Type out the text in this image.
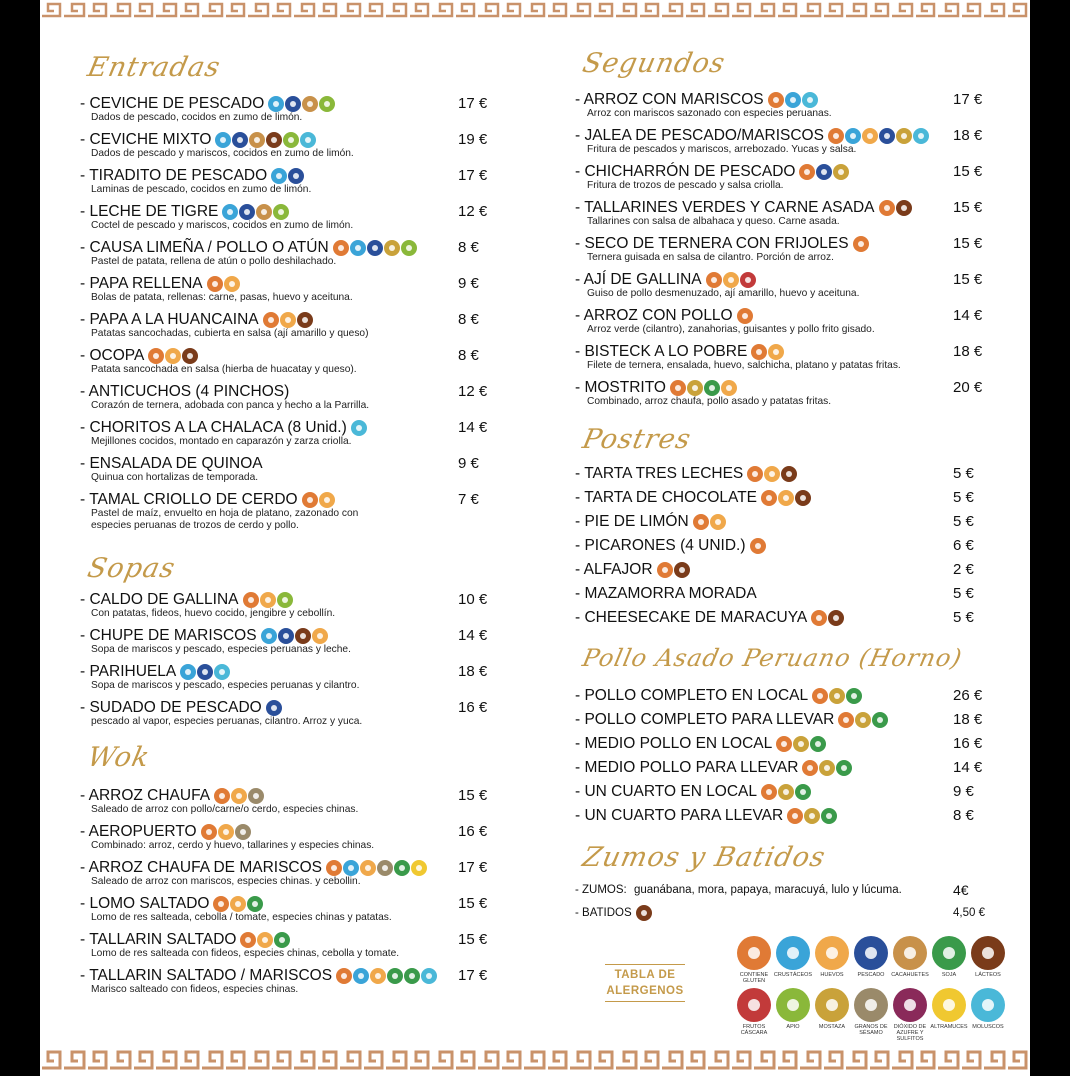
Entradas
- CEVICHE DE PESCADO
Dados de pescado, cocidos en zumo de limón.
17 €
- CEVICHE MIXTO
Dados de pescado y mariscos, cocidos en zumo de limón.
19 €
- TIRADITO DE PESCADO
Laminas de pescado, cocidos en zumo de limón.
17 €
- LECHE DE TIGRE
Coctel de pescado y mariscos, cocidos en zumo de limón.
12 €
- CAUSA LIMEÑA / POLLO O ATÚN
Pastel de patata, rellena de atún o pollo deshilachado.
8 €
- PAPA RELLENA
Bolas de patata, rellenas: carne, pasas, huevo y aceituna.
9 €
- PAPA A LA HUANCAINA
Patatas sancochadas, cubierta en salsa (ají amarillo y queso)
8 €
- OCOPA
Patata sancochada en salsa (hierba de huacatay y queso).
8 €
- ANTICUCHOS (4 PINCHOS)
Corazón de ternera, adobada con panca y hecho a la Parrilla.
12 €
- CHORITOS A LA CHALACA (8 Unid.)
Mejillones cocidos, montado en caparazón y zarza criolla.
14 €
- ENSALADA DE QUINOA
Quinua con hortalizas de temporada.
9 €
- TAMAL CRIOLLO DE CERDO
Pastel de maíz, envuelto en hoja de platano, zazonado con
especies peruanas de trozos de cerdo y pollo.
7 €
Sopas
- CALDO DE GALLINA
Con patatas, fideos, huevo cocido, jengibre y cebollín.
10 €
- CHUPE DE MARISCOS
Sopa de mariscos y pescado, especies peruanas y leche.
14 €
- PARIHUELA
Sopa de mariscos y pescado, especies peruanas y cilantro.
18 €
- SUDADO DE PESCADO
pescado al vapor, especies peruanas, cilantro. Arroz y yuca.
16 €
Wok
- ARROZ CHAUFA
Saleado de arroz con pollo/carne/o cerdo, especies chinas.
15 €
- AEROPUERTO
Combinado: arroz, cerdo y huevo, tallarines y especies chinas.
16 €
- ARROZ CHAUFA DE MARISCOS
Saleado de arroz con mariscos, especies chinas. y cebollin.
17 €
- LOMO SALTADO
Lomo de res salteada, cebolla / tomate, especies chinas y patatas.
15 €
- TALLARIN SALTADO
Lomo de res salteada con fideos, especies chinas, cebolla y tomate.
15 €
- TALLARIN SALTADO / MARISCOS
Marisco salteado con fideos, especies chinas.
17 €
Segundos
- ARROZ CON MARISCOS
Arroz con mariscos sazonado con especies peruanas.
17 €
- JALEA DE PESCADO/MARISCOS
Fritura de pescados y mariscos, arrebozado. Yucas y salsa.
18 €
- CHICHARRÓN DE PESCADO
Fritura de trozos de pescado y salsa criolla.
15 €
- TALLARINES VERDES Y CARNE ASADA
Tallarines con salsa de albahaca y queso. Carne asada.
15 €
- SECO DE TERNERA CON FRIJOLES
Ternera guisada en salsa de cilantro. Porción de arroz.
15 €
- AJÍ DE GALLINA
Guiso de pollo desmenuzado, ají amarillo, huevo y aceituna.
15 €
- ARROZ CON POLLO
Arroz verde (cilantro), zanahorias, guisantes y pollo frito gisado.
14 €
- BISTECK A LO POBRE
Filete de ternera, ensalada, huevo, salchicha, platano y patatas fritas.
18 €
- MOSTRITO
Combinado, arroz chaufa, pollo asado y patatas fritas.
20 €
Postres
- TARTA TRES LECHES	5 €
- TARTA DE CHOCOLATE	5 €
- PIE DE LIMÓN	5 €
- PICARONES (4 UNID.)	6 €
- ALFAJOR	2 €
- MAZAMORRA MORADA	5 €
- CHEESECAKE DE MARACUYA	5 €
Pollo Asado Peruano (Horno)
- POLLO COMPLETO EN LOCAL	26 €
- POLLO COMPLETO PARA LLEVAR	18 €
- MEDIO POLLO EN LOCAL	16 €
- MEDIO POLLO PARA LLEVAR	14 €
- UN CUARTO EN LOCAL	9 €
- UN CUARTO PARA LLEVAR	8 €
Zumos y Batidos
- ZUMOS: guanábana, mora, papaya, maracuyá, lulo y lúcuma.	4€
- BATIDOS	4,50 €
TABLA DE ALERGENOS
CONTIENE GLUTEN
CRUSTÁCEOS	HUEVOS	PESCADO	CACAHUETES	SOJA	LÁCTEOS
FRUTOS CÁSCARA
APIO	MOSTAZA	GRANOS DE SÉSAMO
DIÓXIDO DE AZUFRE Y SULFITOS
ALTRAMUCES MOLUSCOS
